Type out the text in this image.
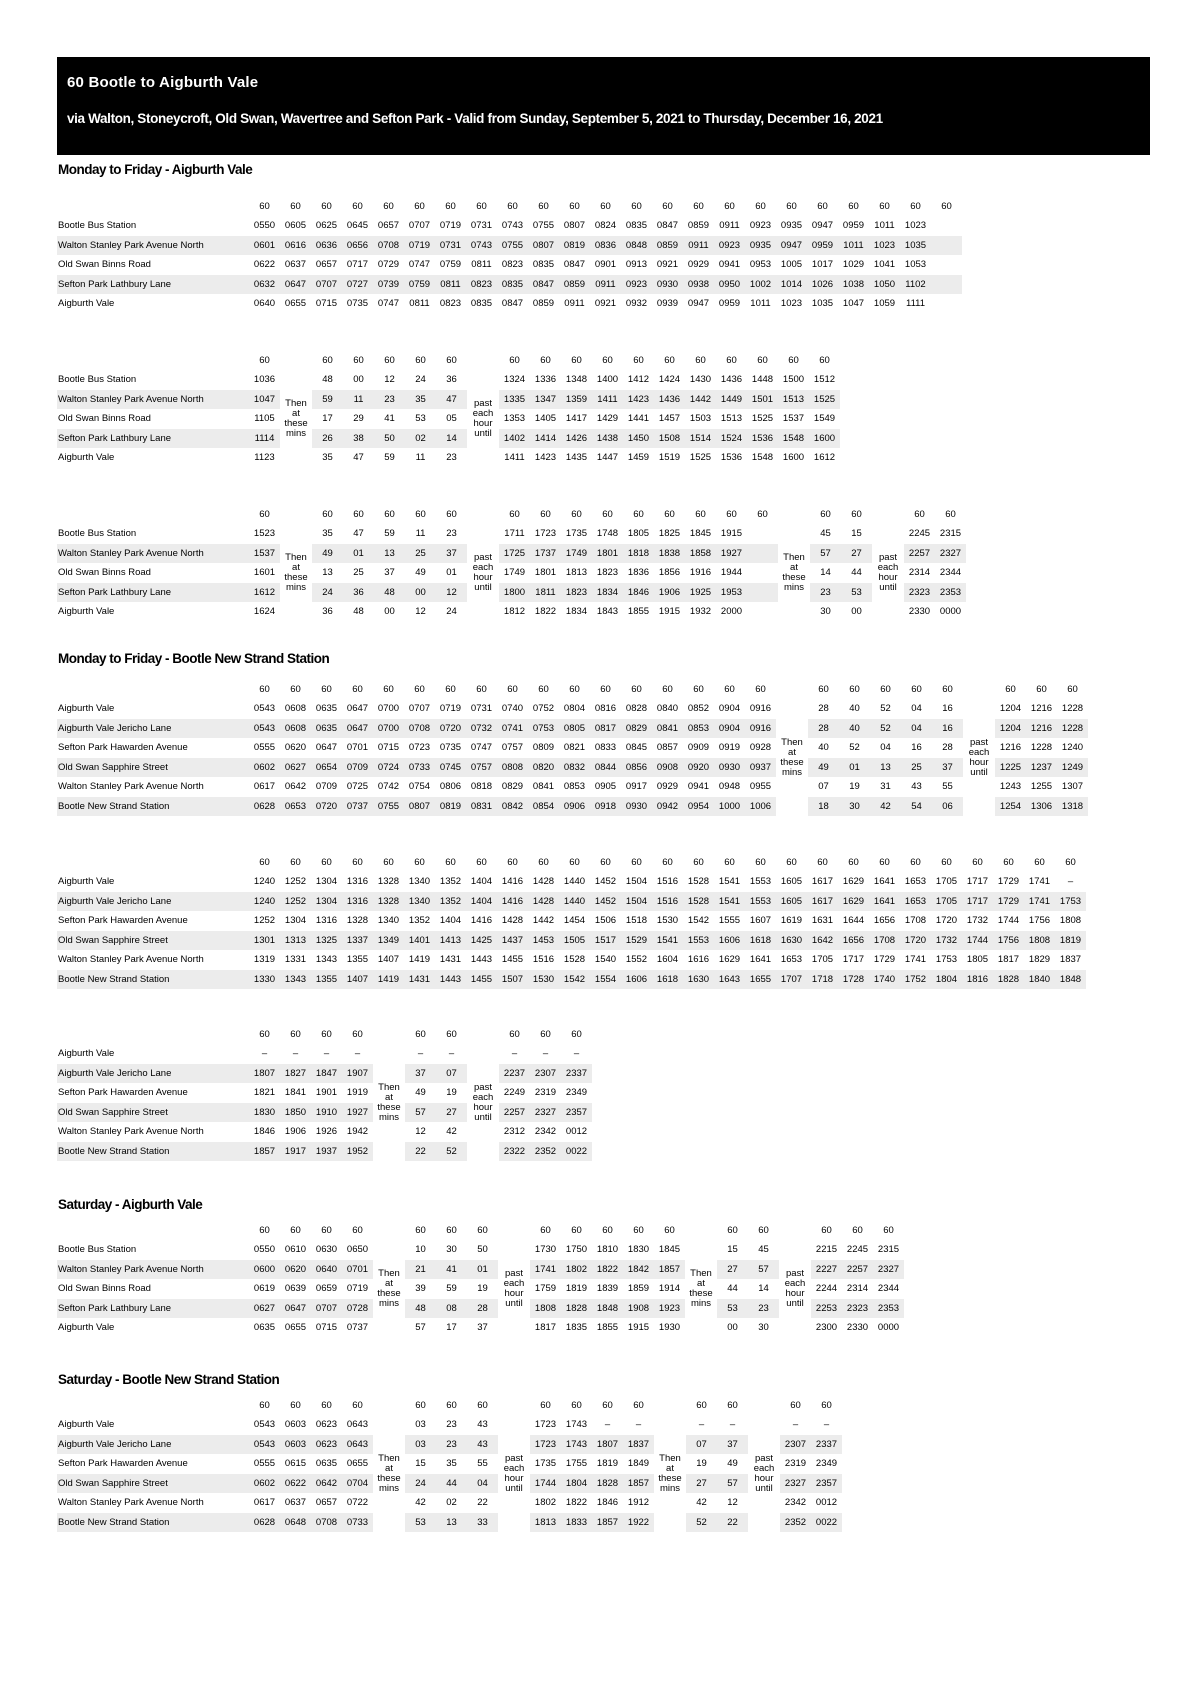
60 Bootle to Aigburth Vale
via Walton, Stoneycroft, Old Swan, Wavertree and Sefton Park - Valid from Sunday, September 5, 2021 to Thursday, December 16, 2021
Monday to Friday - Aigburth Vale
	60	60	60	60	60	60	60	60	60	60	60	60	60	60	60	60	60	60	60	60	60	60	60
Bootle Bus Station	0550	0605	0625	0645	0657	0707	0719	0731	0743	0755	0807	0824	0835	0847	0859	0911	0923	0935	0947	0959	1011	1023	
Walton Stanley Park Avenue North	0601	0616	0636	0656	0708	0719	0731	0743	0755	0807	0819	0836	0848	0859	0911	0923	0935	0947	0959	1011	1023	1035	
Old Swan Binns Road	0622	0637	0657	0717	0729	0747	0759	0811	0823	0835	0847	0901	0913	0921	0929	0941	0953	1005	1017	1029	1041	1053	
Sefton Park Lathbury Lane	0632	0647	0707	0727	0739	0759	0811	0823	0835	0847	0859	0911	0923	0930	0938	0950	1002	1014	1026	1038	1050	1102	
Aigburth Vale	0640	0655	0715	0735	0747	0811	0823	0835	0847	0859	0911	0921	0932	0939	0947	0959	1011	1023	1035	1047	1059	1111	
	60		60	60	60	60	60		60	60	60	60	60	60	60	60	60	60	60
Bootle Bus Station	1036	Then at these mins	48	00	12	24	36	past each hour until	1324	1336	1348	1400	1412	1424	1430	1436	1448	1500	1512
Walton Stanley Park Avenue North	1047		59	11	23	35	47		1335	1347	1359	1411	1423	1436	1442	1449	1501	1513	1525
Old Swan Binns Road	1105		17	29	41	53	05		1353	1405	1417	1429	1441	1457	1503	1513	1525	1537	1549
Sefton Park Lathbury Lane	1114		26	38	50	02	14		1402	1414	1426	1438	1450	1508	1514	1524	1536	1548	1600
Aigburth Vale	1123		35	47	59	11	23		1411	1423	1435	1447	1459	1519	1525	1536	1548	1600	1612
	60		60	60	60	60	60		60	60	60	60	60	60	60	60	60		60	60		60	60
Bootle Bus Station	1523	Then at these mins	35	47	59	11	23	past each hour until	1711	1723	1735	1748	1805	1825	1845	1915		Then at these mins	45	15	past each hour until	2245	2315
Walton Stanley Park Avenue North	1537		49	01	13	25	37		1725	1737	1749	1801	1818	1838	1858	1927			57	27		2257	2327
Old Swan Binns Road	1601		13	25	37	49	01		1749	1801	1813	1823	1836	1856	1916	1944			14	44		2314	2344
Sefton Park Lathbury Lane	1612		24	36	48	00	12		1800	1811	1823	1834	1846	1906	1925	1953			23	53		2323	2353
Aigburth Vale	1624		36	48	00	12	24		1812	1822	1834	1843	1855	1915	1932	2000			30	00		2330	0000
Monday to Friday - Bootle New Strand Station
	60	60	60	60	60	60	60	60	60	60	60	60	60	60	60	60	60		60	60	60	60	60		60	60	60
Aigburth Vale	0543	0608	0635	0647	0700	0707	0719	0731	0740	0752	0804	0816	0828	0840	0852	0904	0916	Then at these mins	28	40	52	04	16	past each hour until	1204	1216	1228
Aigburth Vale Jericho Lane	0543	0608	0635	0647	0700	0708	0720	0732	0741	0753	0805	0817	0829	0841	0853	0904	0916		28	40	52	04	16		1204	1216	1228
Sefton Park Hawarden Avenue	0555	0620	0647	0701	0715	0723	0735	0747	0757	0809	0821	0833	0845	0857	0909	0919	0928		40	52	04	16	28		1216	1228	1240
Old Swan Sapphire Street	0602	0627	0654	0709	0724	0733	0745	0757	0808	0820	0832	0844	0856	0908	0920	0930	0937		49	01	13	25	37		1225	1237	1249
Walton Stanley Park Avenue North	0617	0642	0709	0725	0742	0754	0806	0818	0829	0841	0853	0905	0917	0929	0941	0948	0955		07	19	31	43	55		1243	1255	1307
Bootle New Strand Station	0628	0653	0720	0737	0755	0807	0819	0831	0842	0854	0906	0918	0930	0942	0954	1000	1006		18	30	42	54	06		1254	1306	1318
	60	60	60	60	60	60	60	60	60	60	60	60	60	60	60	60	60	60	60	60	60	60	60	60	60	60	60
Aigburth Vale	1240	1252	1304	1316	1328	1340	1352	1404	1416	1428	1440	1452	1504	1516	1528	1541	1553	1605	1617	1629	1641	1653	1705	1717	1729	1741	–
Aigburth Vale Jericho Lane	1240	1252	1304	1316	1328	1340	1352	1404	1416	1428	1440	1452	1504	1516	1528	1541	1553	1605	1617	1629	1641	1653	1705	1717	1729	1741	1753
Sefton Park Hawarden Avenue	1252	1304	1316	1328	1340	1352	1404	1416	1428	1442	1454	1506	1518	1530	1542	1555	1607	1619	1631	1644	1656	1708	1720	1732	1744	1756	1808
Old Swan Sapphire Street	1301	1313	1325	1337	1349	1401	1413	1425	1437	1453	1505	1517	1529	1541	1553	1606	1618	1630	1642	1656	1708	1720	1732	1744	1756	1808	1819
Walton Stanley Park Avenue North	1319	1331	1343	1355	1407	1419	1431	1443	1455	1516	1528	1540	1552	1604	1616	1629	1641	1653	1705	1717	1729	1741	1753	1805	1817	1829	1837
Bootle New Strand Station	1330	1343	1355	1407	1419	1431	1443	1455	1507	1530	1542	1554	1606	1618	1630	1643	1655	1707	1718	1728	1740	1752	1804	1816	1828	1840	1848
	60	60	60	60		60	60		60	60	60
Aigburth Vale	–	–	–	–	Then at these mins	–	–	past each hour until	–	–	–
Aigburth Vale Jericho Lane	1807	1827	1847	1907		37	07		2237	2307	2337
Sefton Park Hawarden Avenue	1821	1841	1901	1919		49	19		2249	2319	2349
Old Swan Sapphire Street	1830	1850	1910	1927		57	27		2257	2327	2357
Walton Stanley Park Avenue North	1846	1906	1926	1942		12	42		2312	2342	0012
Bootle New Strand Station	1857	1917	1937	1952		22	52		2322	2352	0022
Saturday - Aigburth Vale
	60	60	60	60		60	60	60		60	60	60	60	60		60	60		60	60	60
Bootle Bus Station	0550	0610	0630	0650	Then at these mins	10	30	50	past each hour until	1730	1750	1810	1830	1845	Then at these mins	15	45	past each hour until	2215	2245	2315
Walton Stanley Park Avenue North	0600	0620	0640	0701		21	41	01		1741	1802	1822	1842	1857		27	57		2227	2257	2327
Old Swan Binns Road	0619	0639	0659	0719		39	59	19		1759	1819	1839	1859	1914		44	14		2244	2314	2344
Sefton Park Lathbury Lane	0627	0647	0707	0728		48	08	28		1808	1828	1848	1908	1923		53	23		2253	2323	2353
Aigburth Vale	0635	0655	0715	0737		57	17	37		1817	1835	1855	1915	1930		00	30		2300	2330	0000
Saturday - Bootle New Strand Station
	60	60	60	60		60	60	60		60	60	60	60		60	60		60	60
Aigburth Vale	0543	0603	0623	0643	Then at these mins	03	23	43	past each hour until	1723	1743	–	–	Then at these mins	–	–	past each hour until	–	–
Aigburth Vale Jericho Lane	0543	0603	0623	0643		03	23	43		1723	1743	1807	1837		07	37		2307	2337
Sefton Park Hawarden Avenue	0555	0615	0635	0655		15	35	55		1735	1755	1819	1849		19	49		2319	2349
Old Swan Sapphire Street	0602	0622	0642	0704		24	44	04		1744	1804	1828	1857		27	57		2327	2357
Walton Stanley Park Avenue North	0617	0637	0657	0722		42	02	22		1802	1822	1846	1912		42	12		2342	0012
Bootle New Strand Station	0628	0648	0708	0733		53	13	33		1813	1833	1857	1922		52	22		2352	0022
